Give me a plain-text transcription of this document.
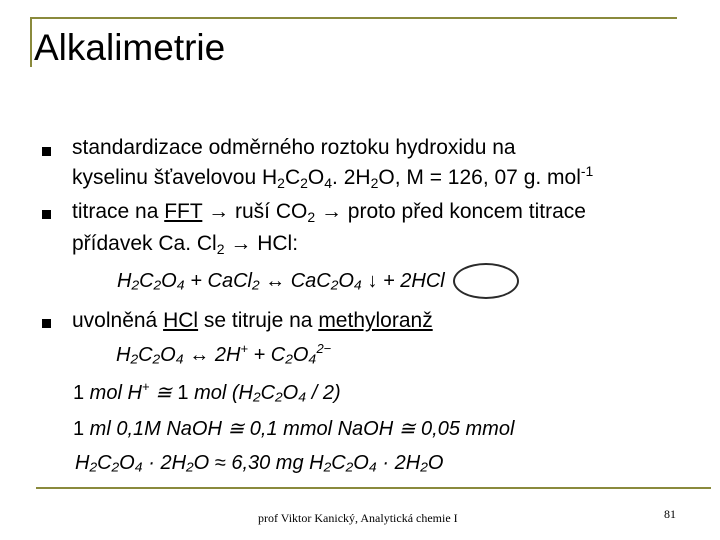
Alkalimetrie
standardizace odměrného roztoku hydroxidu na
kyselinu šťavelovou $H_2C_2O_4$. $2H_2O$, M = 126, 07 g. mol$^{-1}$
titrace na FFT → ruší $CO_2$ → proto před koncem titrace
přídavek Ca. $Cl_2$ → HCl:
H₂C₂O₄ + CaCl₂ ↔ CaC₂O₄ ↓ + 2HCl
uvolněná HCl se titruje na methyloranž
H₂C₂O₄ ↔ 2H+ + C₂O₄$^{2-}$
1 mol H+ ≅ 1 mol (H₂C₂O₄ / 2)
1 ml 0,1M NaOH ≅ 0,1 mmol NaOH ≅ 0,05 mmol
H₂C₂O₄ · 2H₂O ≈ 6,30 mg H₂C₂O₄ · 2H₂O
prof Viktor Kanický, Analytická chemie I	81
